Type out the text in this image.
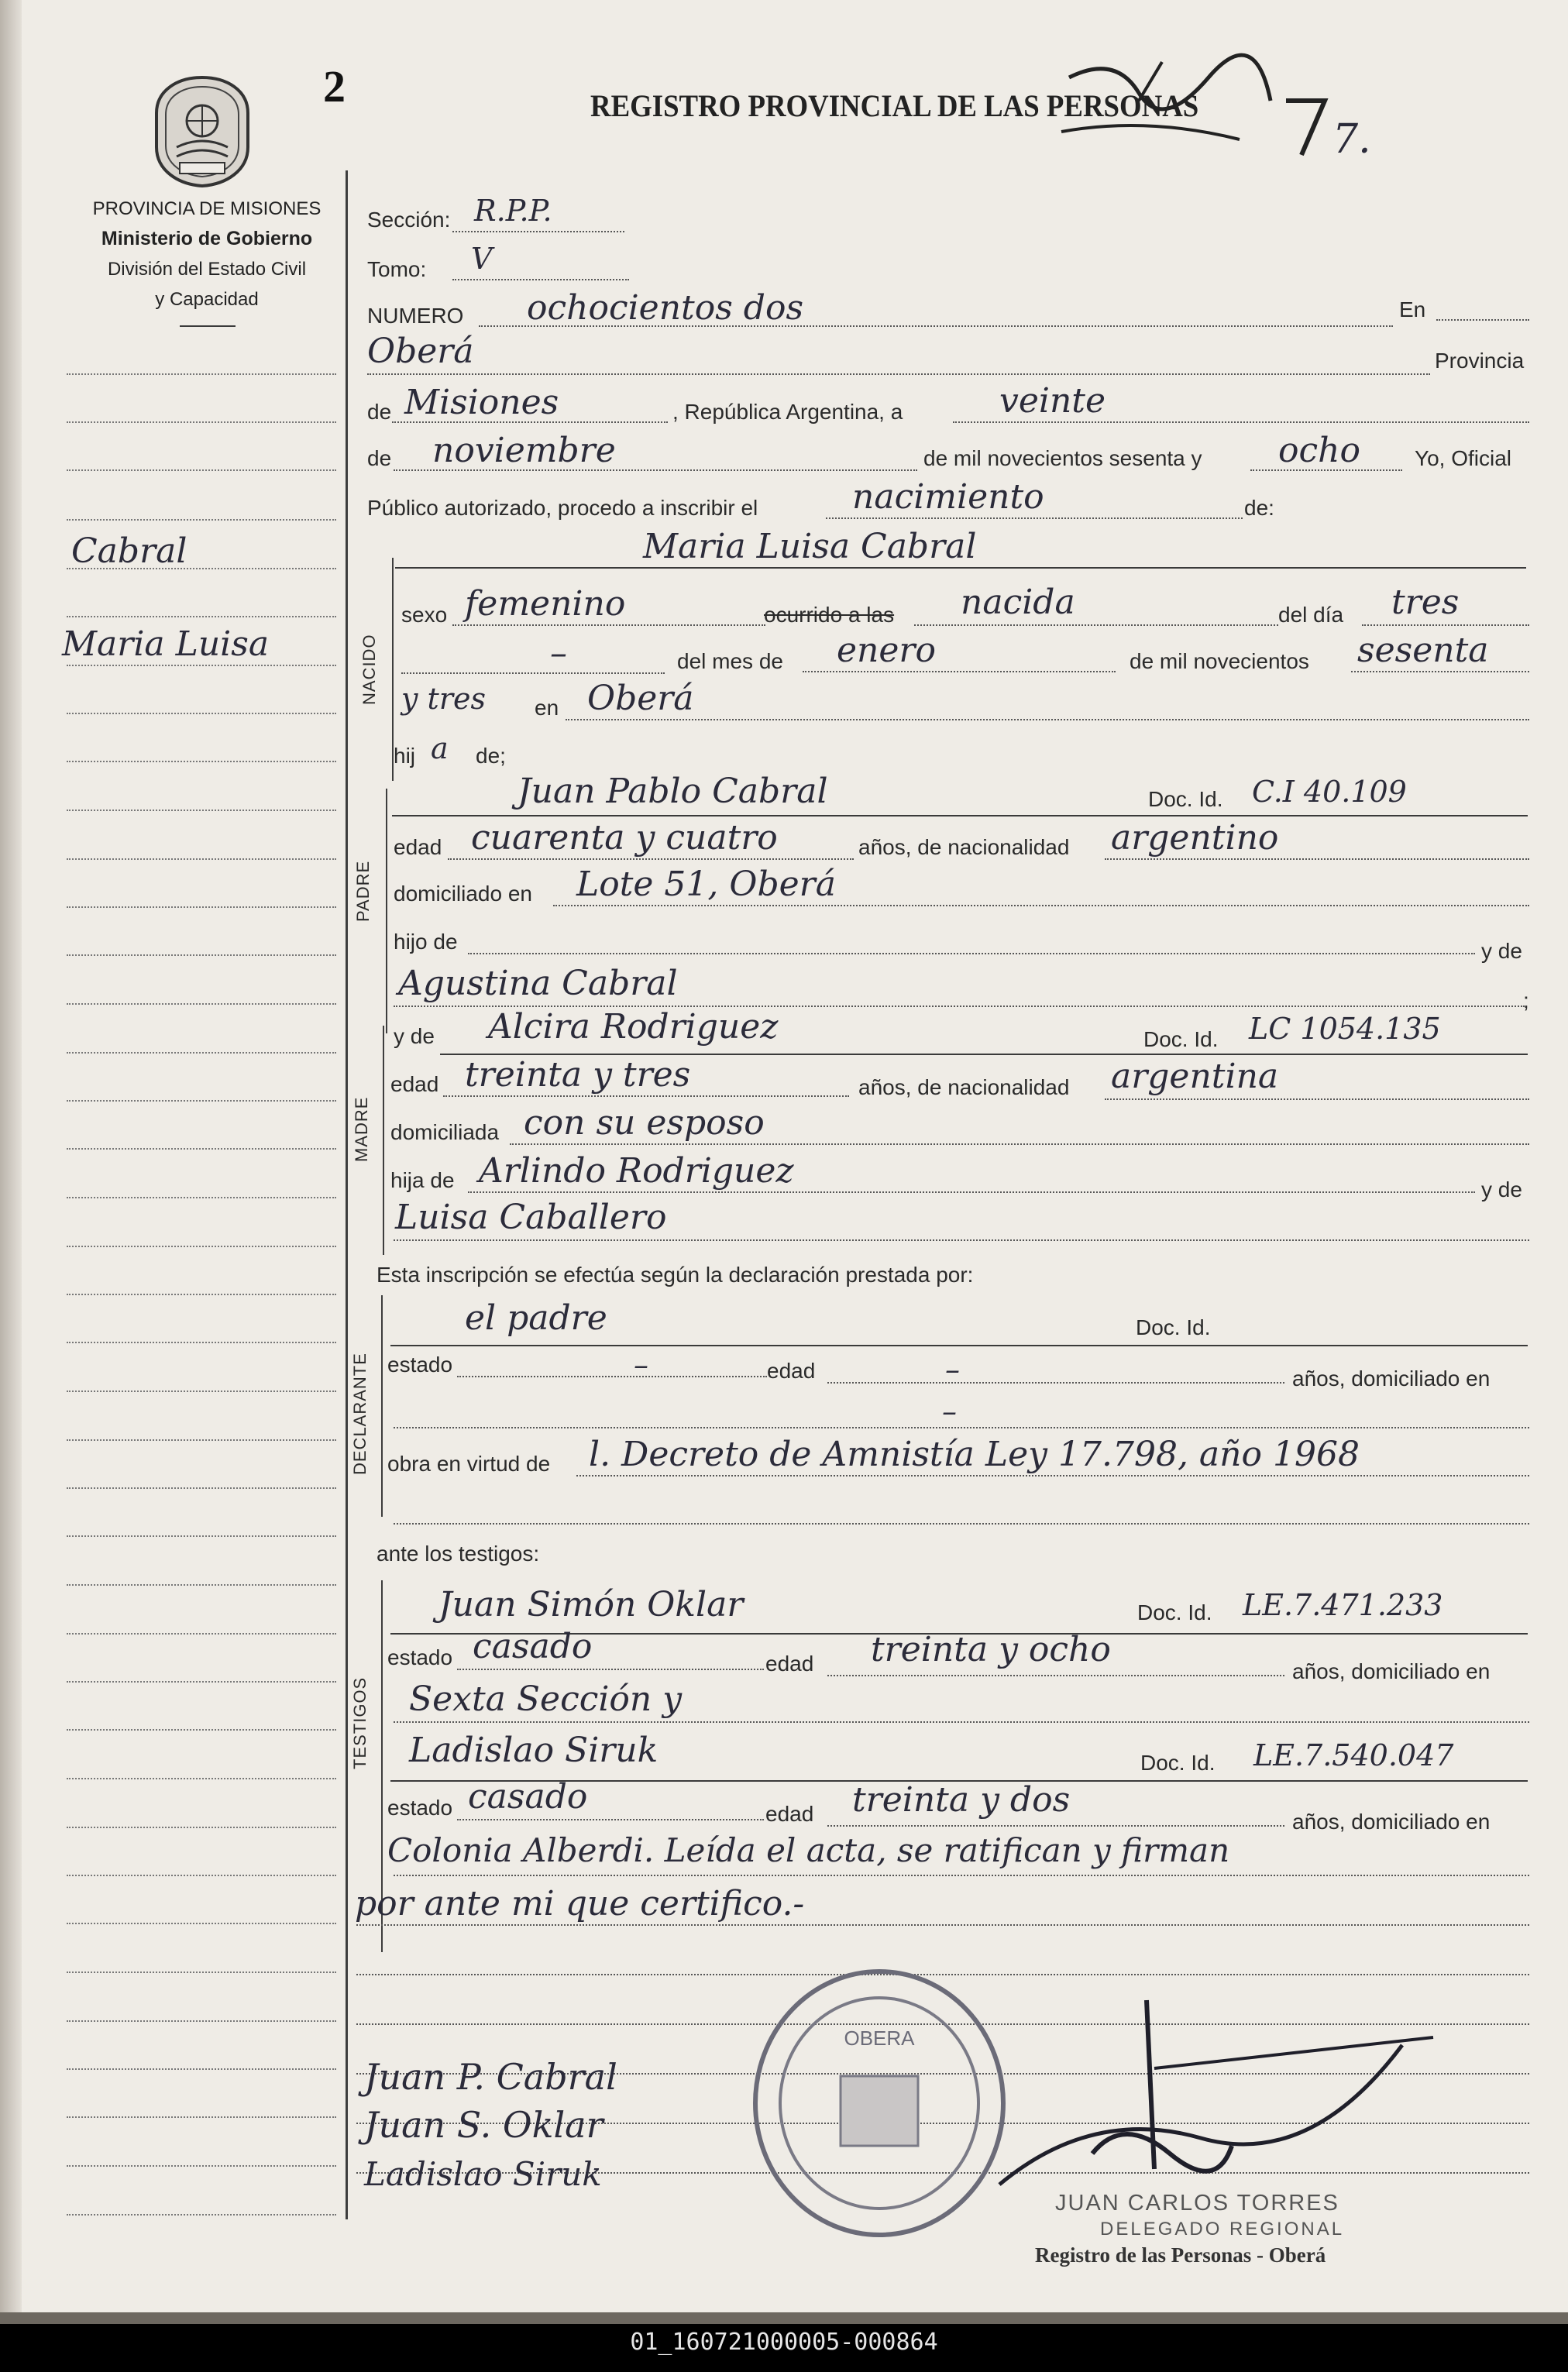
2	REGISTRO PROVINCIAL DE LAS PERSONAS
7.
PROVINCIA DE MISIONES
Ministerio de Gobierno
División del Estado Civil
y Capacidad
Cabral
Maria Luisa
Sección: R.P.P.
Tomo: V
NUMERO ochocientos dos	En
Oberá	Provincia
de Misiones	, República Argentina, a	veinte
de noviembre	de mil novecientos sesenta y ocho	Yo, Oficial
Público autorizado, procedo a inscribir el	nacimiento	de:
Maria Luisa Cabral
NACIDO
sexo femenino	ocurrido a las nacida	del día tres
–	del mes de enero	de mil novecientos sesenta
y tres en Oberá
hij a de;
PADRE
Juan Pablo Cabral	Doc. Id. C.I 40.109
edad cuarenta y cuatro	años, de nacionalidad argentino
domiciliado en Lote 51, Oberá
hijo de	y de
Agustina Cabral	;
MADRE
y de Alcira Rodriguez	Doc. Id. LC 1054.135
edad treinta y tres	años, de nacionalidad argentina
domiciliada con su esposo
hija de Arlindo Rodriguez	y de
Luisa Caballero
Esta inscripción se efectúa según la declaración prestada por:
DECLARANTE
el padre	Doc. Id.
estado	–	edad	–	años, domiciliado en
–
obra en virtud de l. Decreto de Amnistía Ley 17.798, año 1968
ante los testigos:
TESTIGOS
Juan Simón Oklar	Doc. Id. LE.7.471.233
estado casado	edad treinta y ocho
años, domiciliado en
Sexta Sección y
Ladislao Siruk	Doc. Id. LE.7.540.047
estado casado	edad treinta y dos
años, domiciliado en
Colonia Alberdi. Leída el acta, se ratifican y firman
por ante mi que certifico.-
Juan P. Cabral
Juan S. Oklar
Ladislao Siruk
OBERA
JUAN CARLOS TORRES
DELEGADO REGIONAL
Registro de las Personas - Oberá
01_160721000005-000864
